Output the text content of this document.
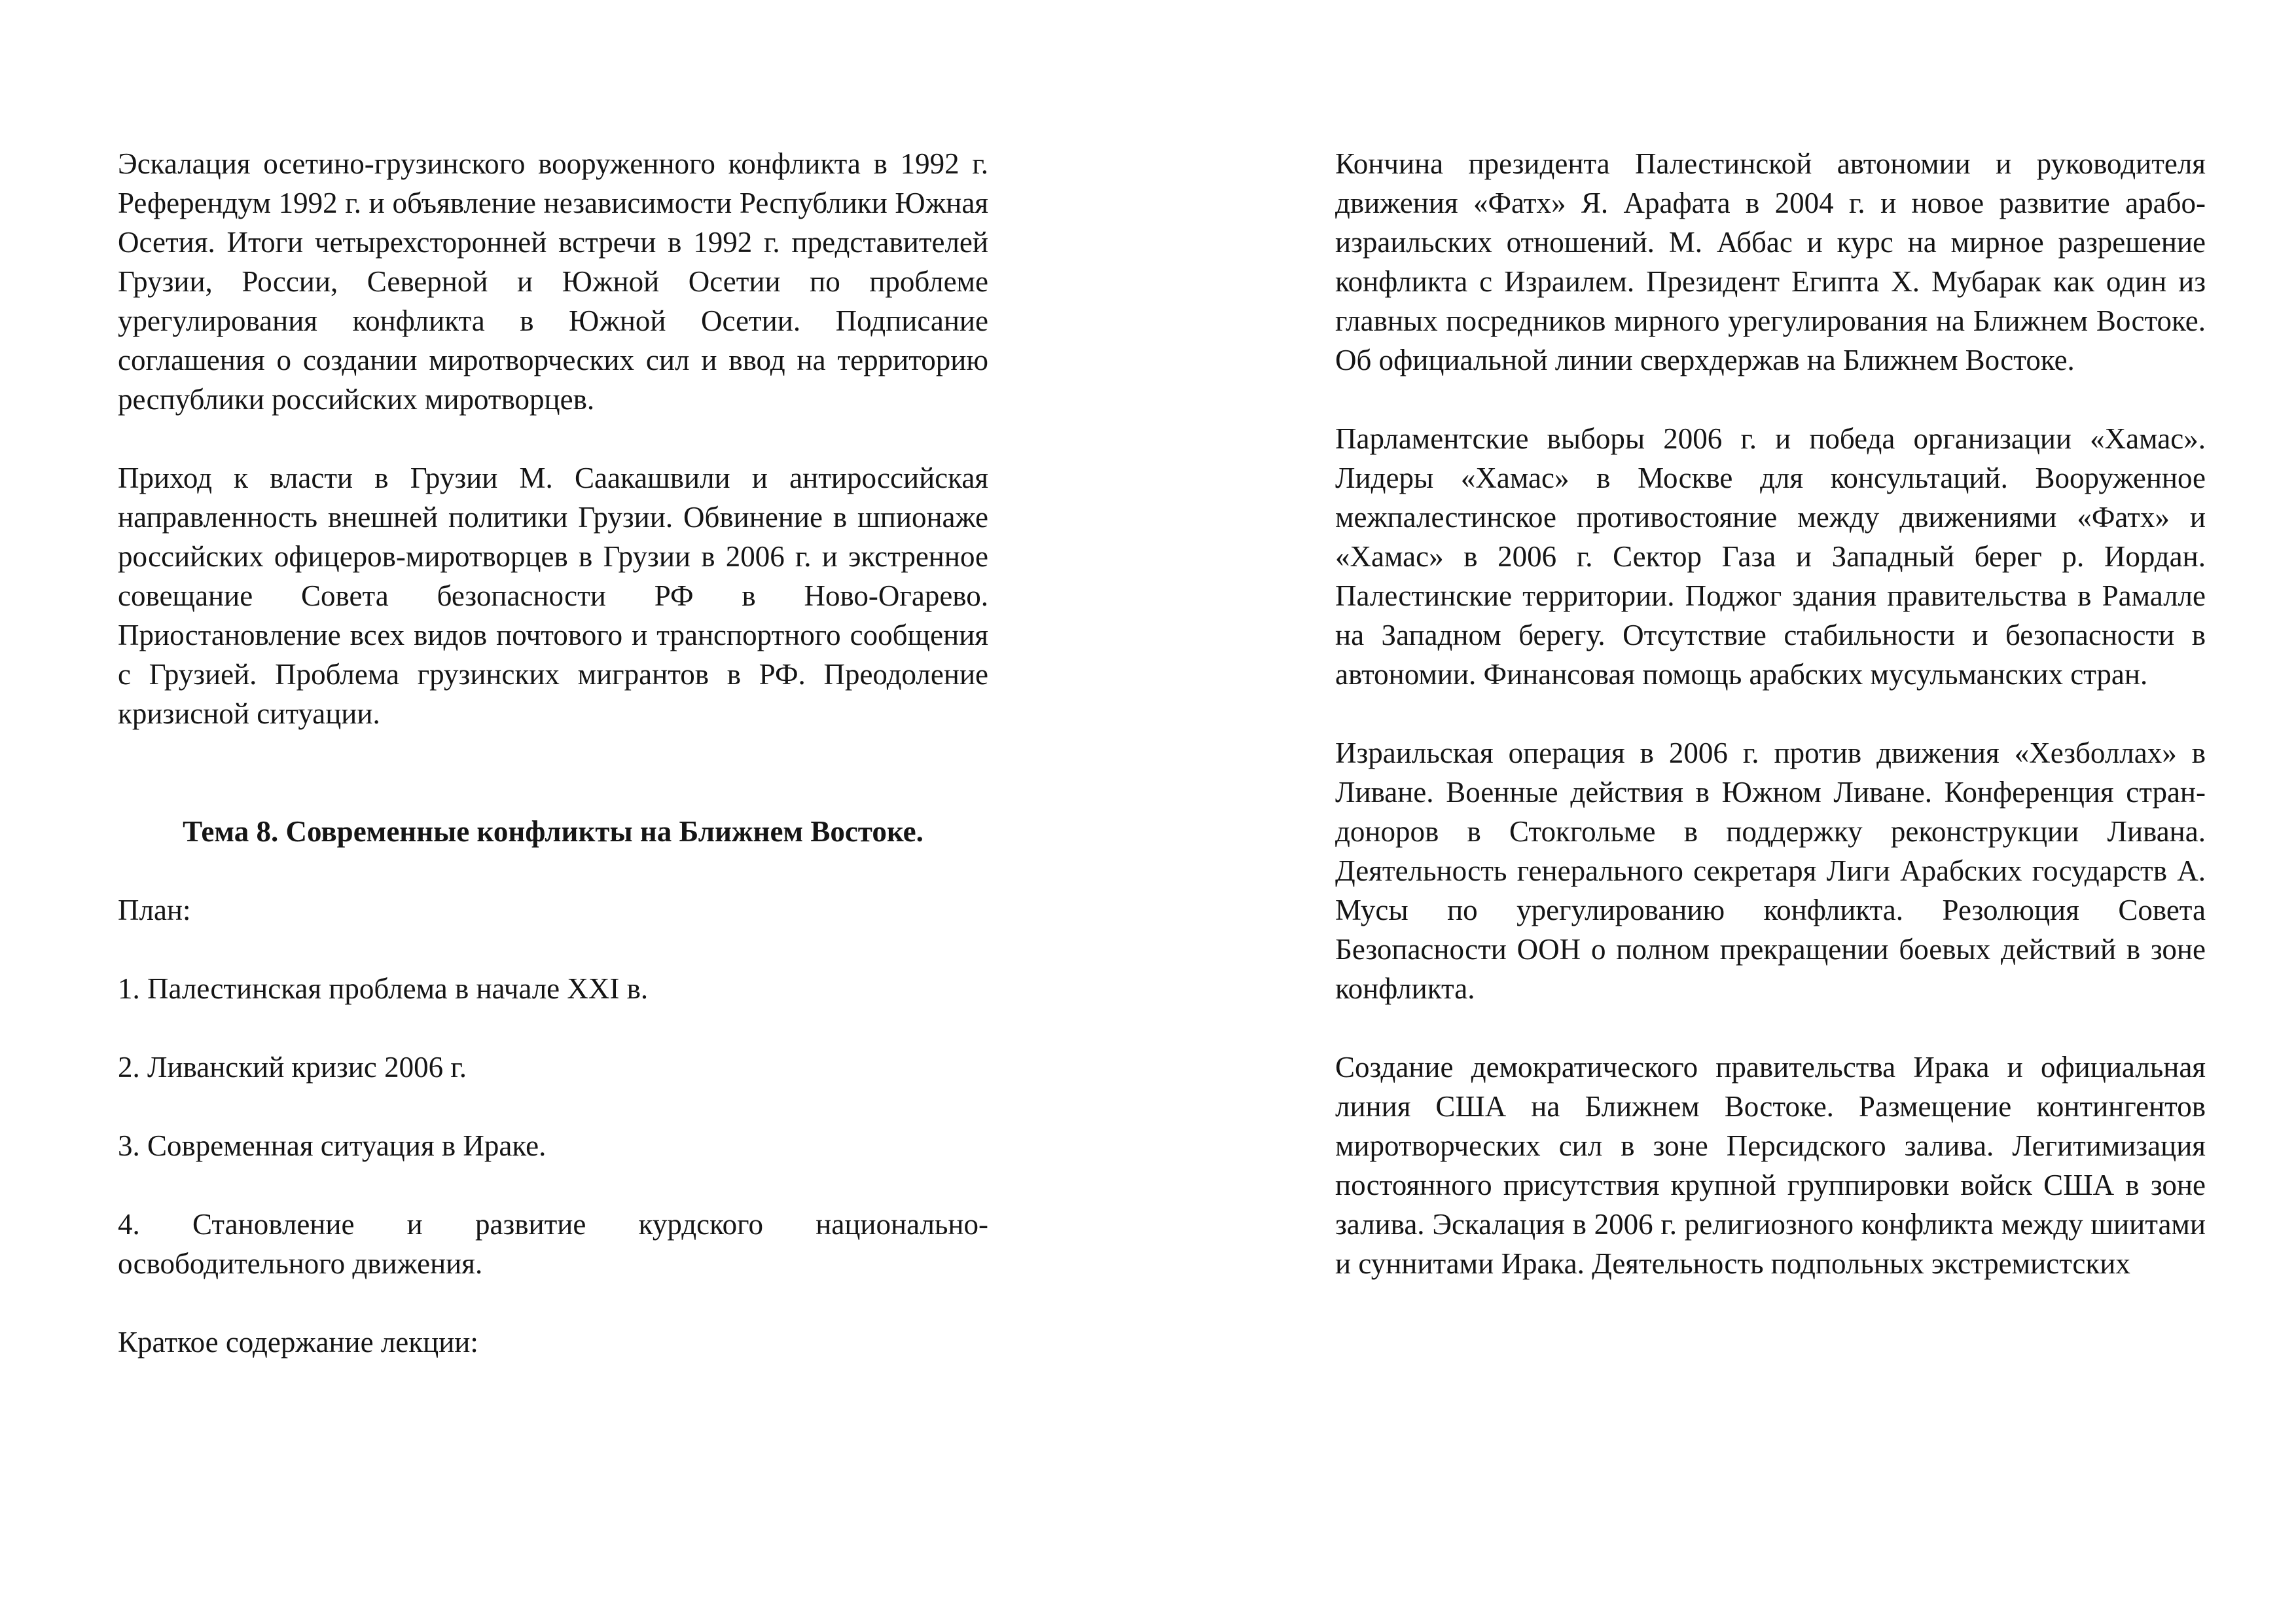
Эскалация осетино-грузинского вооруженного конфликта в 1992 г. Референдум 1992 г. и объявление независимости Республики Южная Осетия. Итоги четырехсторонней встречи в 1992 г. представителей Грузии, России, Северной и Южной Осетии по проблеме урегулирования конфликта в Южной Осетии. Подписание соглашения о создании миротворческих сил и ввод на территорию республики российских миротворцев.

Приход к власти в Грузии М. Саакашвили и антироссийская направленность внешней политики Грузии. Обвинение в шпионаже российских офицеров-миротворцев в Грузии в 2006 г. и экстренное совещание Совета безопасности РФ в Ново-Огарево. Приостановление всех видов почтового и транспортного сообщения с Грузией. Проблема грузинских мигрантов в РФ. Преодоление кризисной ситуации.

Тема 8. Современные конфликты на Ближнем Востоке.

План:

1. Палестинская проблема в начале XXI в.

2. Ливанский кризис 2006 г.

3. Современная ситуация в Ираке.

4. Становление и развитие курдского национально-освободительного движения.

Краткое содержание лекции:

Кончина президента Палестинской автономии и руководителя движения «Фатх» Я. Арафата в 2004 г. и новое развитие арабо-израильских отношений. М. Аббас и курс на мирное разрешение конфликта с Израилем. Президент Египта Х. Мубарак как один из главных посредников мирного урегулирования на Ближнем Востоке. Об официальной линии сверхдержав на Ближнем Востоке.

Парламентские выборы 2006 г. и победа организации «Хамас». Лидеры «Хамас» в Москве для консультаций. Вооруженное межпалестинское противостояние между движениями «Фатх» и «Хамас» в 2006 г. Сектор Газа и Западный берег р. Иордан. Палестинские территории. Поджог здания правительства в Рамалле на Западном берегу. Отсутствие стабильности и безопасности в автономии. Финансовая помощь арабских мусульманских стран.

Израильская операция в 2006 г. против движения «Хезболлах» в Ливане. Военные действия в Южном Ливане. Конференция стран-доноров в Стокгольме в поддержку реконструкции Ливана. Деятельность генерального секретаря Лиги Арабских государств А. Мусы по урегулированию конфликта. Резолюция Совета Безопасности ООН о полном прекращении боевых действий в зоне конфликта.

Создание демократического правительства Ирака и официальная линия США на Ближнем Востоке. Размещение контингентов миротворческих сил в зоне Персидского залива. Легитимизация постоянного присутствия крупной группировки войск США в зоне залива. Эскалация в 2006 г. религиозного конфликта между шиитами и суннитами Ирака. Деятельность подпольных экстремистских
